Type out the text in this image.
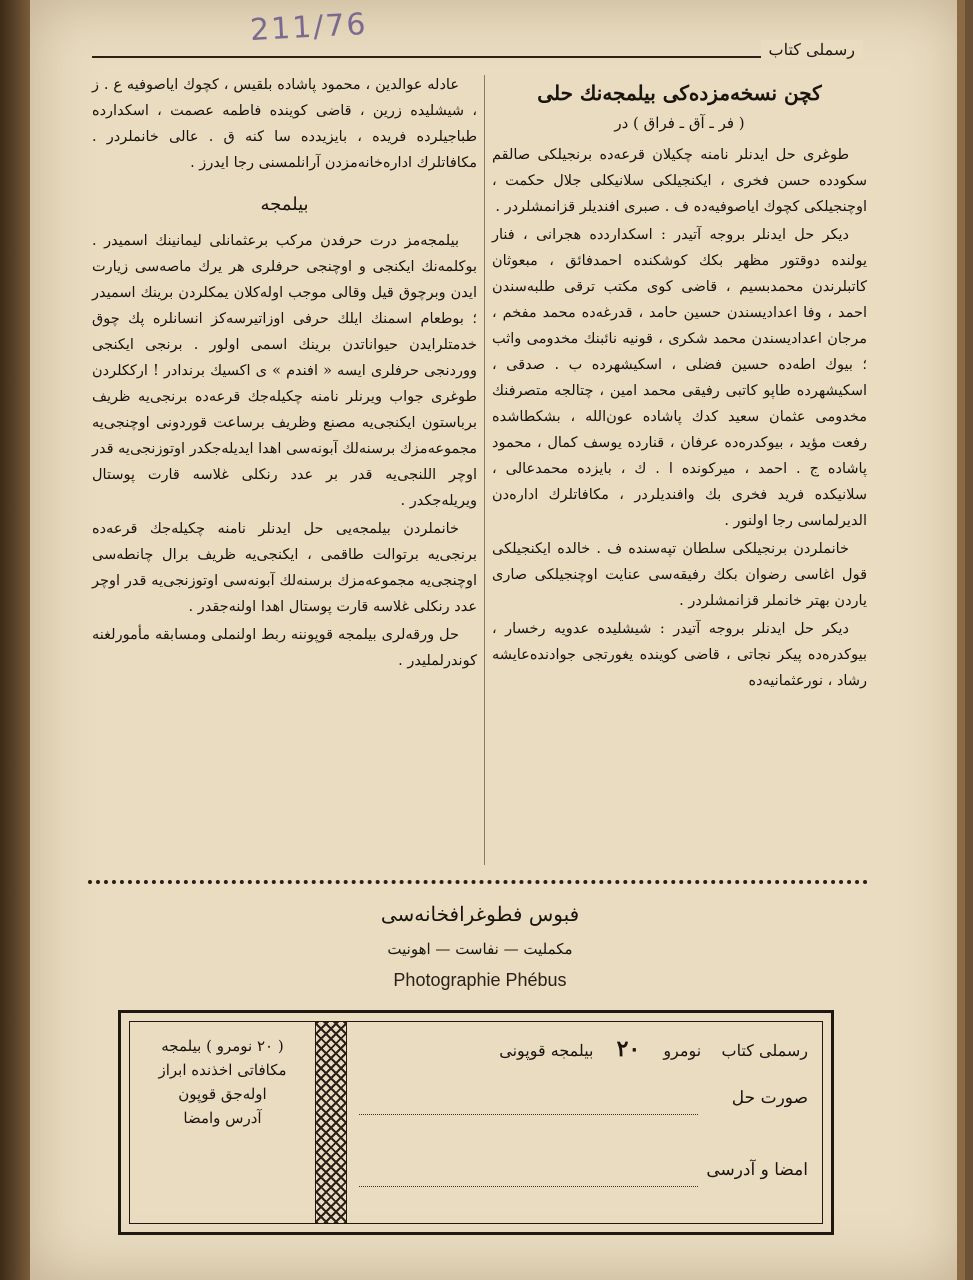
211/76
رسملی کتاب
کچن نسخه‌مزده‌کی بیلمجه‌نك حلی
( فر ـ آق ـ فراق ) در

طوغری حل ایدنلر نامنه چکیلان قرعه‌ده برنجیلکی صالقم سکودده حسن فخری ، ایکنجیلکی سلانیکلی جلال حکمت ، اوچنجیلکی کچوك ایاصوفیه‌ده ف . صبری افندیلر قزانمشلردر .

دیکر حل ایدنلر بروجه آتیدر : اسکداردده هجرانی ، فنار یولنده دوقتور مظهر بکك کوشکنده احمدفائق ، مبعوثان کاتبلرندن محمدبسیم ، قاضی کوی مکتب ترقی طلبه‌سندن احمد ، وفا اعدادیسندن حسین حامد ، قدرغه‌ده محمد مفخم ، مرجان اعدادیسندن محمد شکری ، قونیه نائبنك مخدومی واثب ؛ بیوك اطه‌ده حسین فضلی ، اسکیشهرده ب . صدقی ، اسکیشهرده طاپو کاتبی رفیقی محمد امین ، چتالجه متصرفنك مخدومی عثمان سعید کدك پاشاده عون‌الله ، بشکطاشده رفعت مؤید ، بیوکدره‌ده عرفان ، قنارده یوسف کمال ، محمود پاشاده ج . احمد ، میرکونده ا . ك ، بایزده محمدعالی ، سلانیکده فرید فخری بك وافندیلردر ، مکافاتلرك اداره‌دن الدیرلماسی رجا اولنور .

خانملردن برنجیلکی سلطان تپه‌سنده ف . خالده ایکنجیلکی قول اغاسی رضوان بکك رفیقه‌سی عنایت اوچنجیلکی صاری یاردن بهتر خانملر قزانمشلردر .

دیکر حل ایدنلر بروجه آتیدر : شیشلیده عدویه رخسار ، بیوکدره‌ده پیکر نجاتی ، قاضی کوینده یغورتجی جوادنده‌عایشه رشاد ، نورعثمانیه‌ده

عادله عوالدین ، محمود پاشاده بلقیس ، کچوك ایاصوفیه ع . ز ، شیشلیده زرین ، قاضی کوینده فاطمه عصمت ، اسکدارده طباجیلرده فریده ، بایزیدده سا کنه ق . عالی خانملردر . مکافاتلرك اداره‌خانه‌مزدن آرانلمسنی رجا ایدرز .

بیلمجه

بیلمجه‌مز درت حرفدن مرکب برعثمانلی لیمانینك اسمیدر . بوکلمه‌نك ایکنجی و اوچنجی حرفلری هر یرك ماصه‌سی زیارت ایدن وبرچوق قیل وقالی موجب اوله‌کلان یمکلردن برینك اسمیدر ؛ بوطعام اسمنك ایلك حرفی اوزاتیرسه‌کز انسانلره پك چوق خدمتلرایدن حیواناتدن برینك اسمی اولور . برنجی ایکنجی ووردنجی حرفلری ایسه « افندم » ی اکسیك برندادر ! ارککلردن طوغری جواب ویرنلر نامنه چکیله‌جك قرعه‌ده برنجی‌یه ظریف برباستون ایکنجی‌یه مصنع وظریف برساعت قوردونی اوچنجی‌یه مجموعه‌مزك برسنه‌لك آبونه‌سی اهدا ایدیله‌جکدر اوتوزنجی‌یه قدر اوچر اللنجی‌یه قدر بر عدد رنکلی غلاسه قارت پوستال ویریله‌جکدر .

خانملردن بیلمجه‌یی حل ایدنلر نامنه چکیله‌جك قرعه‌ده برنجی‌یه برتوالت طاقمی ، ایکنجی‌یه ظریف برال چانطه‌سی اوچنجی‌یه مجموعه‌مزك برسنه‌لك آبونه‌سی اوتوزنجی‌یه قدر اوچر عدد رنکلی غلاسه قارت پوستال اهدا اولنه‌جقدر .

حل ورقه‌لری بیلمجه قوپوننه ربط اولنملی ومسابقه مأمورلغنه کوندرلملیدر .

فبوس فطوغرافخانه‌سی
مکملیت — نفاست — اهونیت
Photographie Phébus
( ۲۰ نومرو ) بیلمجه
مکافاتی اخذنده ابراز
اوله‌جق قوپون
آدرس وامضا
رسملی کتاب    نومرو ۲۰ بیلمجه قوپونی
صورت حل
امضا و آدرسی
